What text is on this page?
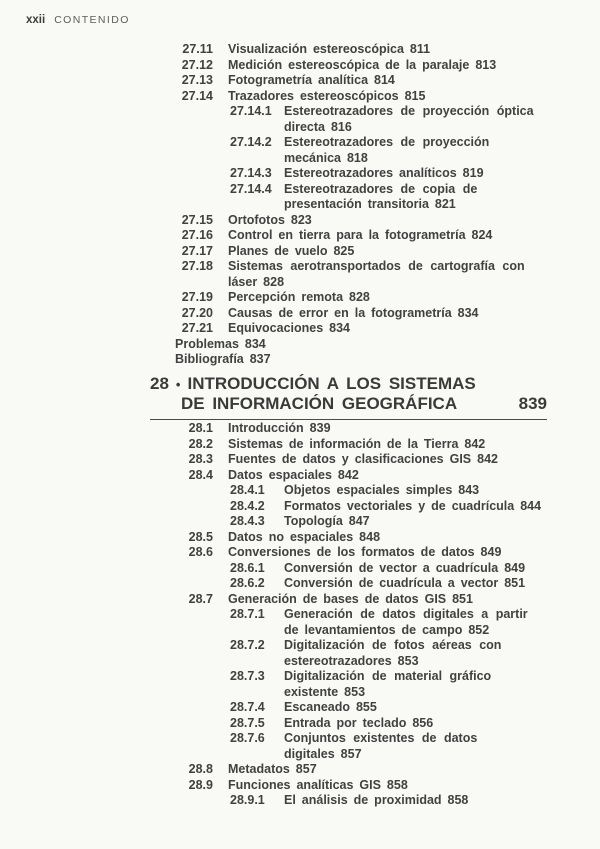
xxii CONTENIDO
27.11 Visualización estereoscópica 811
27.12 Medición estereoscópica de la paralaje 813
27.13 Fotogrametría analítica 814
27.14 Trazadores estereoscópicos 815
27.14.1 Estereotrazadores de proyección óptica
directa 816
27.14.2 Estereotrazadores de proyección
mecánica 818
27.14.3 Estereotrazadores analíticos 819
27.14.4 Estereotrazadores de copia de
presentación transitoria 821
27.15 Ortofotos 823
27.16 Control en tierra para la fotogrametría 824
27.17 Planes de vuelo 825
27.18 Sistemas aerotransportados de cartografía con
láser 828
27.19 Percepción remota 828
27.20 Causas de error en la fotogrametría 834
27.21 Equivocaciones 834
Problemas 834
Bibliografía 837
28 • INTRODUCCIÓN A LOS SISTEMAS
DE INFORMACIÓN GEOGRÁFICA	839
28.1 Introducción 839
28.2 Sistemas de información de la Tierra 842
28.3 Fuentes de datos y clasificaciones GIS 842
28.4 Datos espaciales 842
28.4.1	Objetos espaciales simples 843
28.4.2	Formatos vectoriales y de cuadrícula 844
28.4.3	Topología 847
28.5 Datos no espaciales 848
28.6 Conversiones de los formatos de datos 849
28.6.1	Conversión de vector a cuadrícula 849
28.6.2	Conversión de cuadrícula a vector 851
28.7 Generación de bases de datos GIS 851
28.7.1	Generación de datos digitales a partir
de levantamientos de campo 852
28.7.2	Digitalización de fotos aéreas con
estereotrazadores 853
28.7.3	Digitalización de material gráfico
existente 853
28.7.4	Escaneado 855
28.7.5	Entrada por teclado 856
28.7.6	Conjuntos existentes de datos
digitales 857
28.8 Metadatos 857
28.9 Funciones analíticas GIS 858
28.9.1	El análisis de proximidad 858
